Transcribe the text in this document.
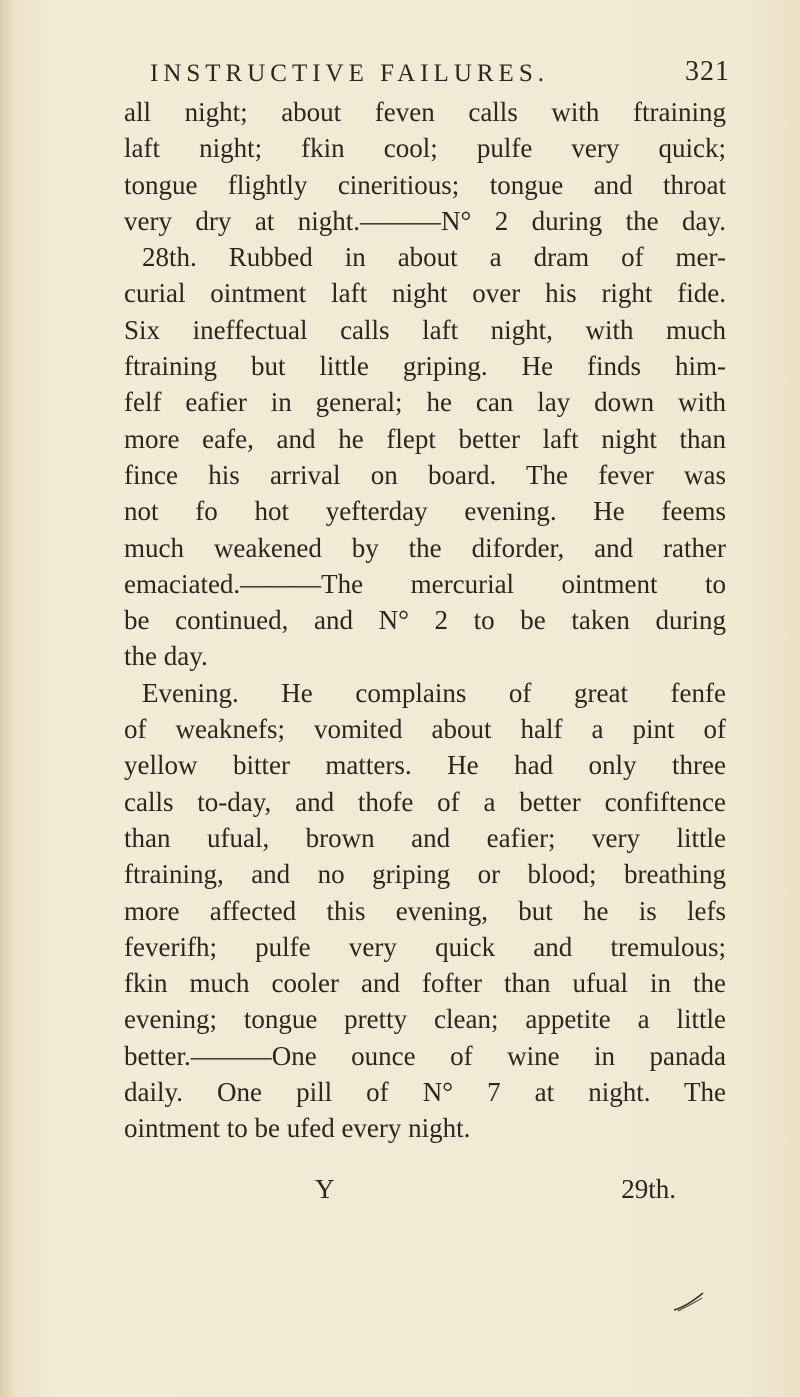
INSTRUCTIVE FAILURES.	321
all night; about feven calls with ftraining
laft night; fkin cool; pulfe very quick;
tongue flightly cineritious; tongue and throat
very dry at night.———N° 2 during the day.
28th. Rubbed in about a dram of mer-
curial ointment laft night over his right fide.
Six ineffectual calls laft night, with much
ftraining but little griping. He finds him-
felf eafier in general; he can lay down with
more eafe, and he flept better laft night than
fince his arrival on board. The fever was
not fo hot yefterday evening. He feems
much weakened by the diforder, and rather
emaciated.———The mercurial ointment to
be continued, and N° 2 to be taken during
the day.
Evening. He complains of great fenfe
of weaknefs; vomited about half a pint of
yellow bitter matters. He had only three
calls to-day, and thofe of a better confiftence
than ufual, brown and eafier; very little
ftraining, and no griping or blood; breathing
more affected this evening, but he is lefs
feverifh; pulfe very quick and tremulous;
fkin much cooler and fofter than ufual in the
evening; tongue pretty clean; appetite a little
better.———One ounce of wine in panada
daily. One pill of N° 7 at night. The
ointment to be ufed every night.
Y	29th.
